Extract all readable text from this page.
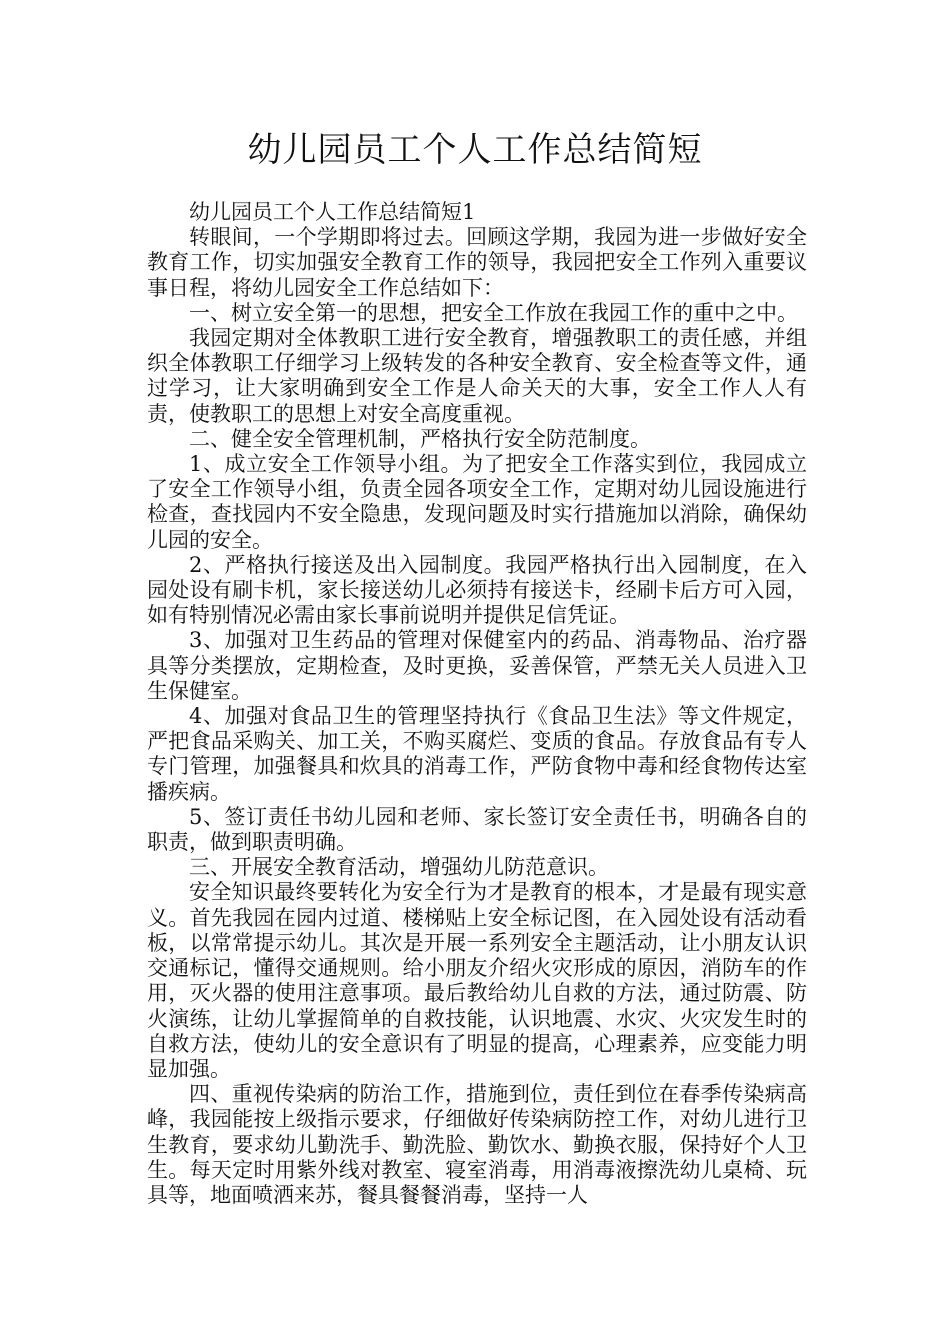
幼儿园员工个人工作总结简短

幼儿园员工个人工作总结简短1

转眼间，一个学期即将过去。回顾这学期，我园为进一步做好安全教育工作，切实加强安全教育工作的领导，我园把安全工作列入重要议事日程，将幼儿园安全工作总结如下：

一、树立安全第一的思想，把安全工作放在我园工作的重中之中。

我园定期对全体教职工进行安全教育，增强教职工的责任感，并组织全体教职工仔细学习上级转发的各种安全教育、安全检查等文件，通过学习，让大家明确到安全工作是人命关天的大事，安全工作人人有责，使教职工的思想上对安全高度重视。

二、健全安全管理机制，严格执行安全防范制度。

1、成立安全工作领导小组。为了把安全工作落实到位，我园成立了安全工作领导小组，负责全园各项安全工作，定期对幼儿园设施进行检查，查找园内不安全隐患，发现问题及时实行措施加以消除，确保幼儿园的安全。

2、严格执行接送及出入园制度。我园严格执行出入园制度，在入园处设有刷卡机，家长接送幼儿必须持有接送卡，经刷卡后方可入园，如有特别情况必需由家长事前说明并提供足信凭证。

3、加强对卫生药品的管理对保健室内的药品、消毒物品、治疗器具等分类摆放，定期检查，及时更换，妥善保管，严禁无关人员进入卫生保健室。

4、加强对食品卫生的管理坚持执行《食品卫生法》等文件规定，严把食品采购关、加工关，不购买腐烂、变质的食品。存放食品有专人专门管理，加强餐具和炊具的消毒工作，严防食物中毒和经食物传达室播疾病。

5、签订责任书幼儿园和老师、家长签订安全责任书，明确各自的职责，做到职责明确。

三、开展安全教育活动，增强幼儿防范意识。

安全知识最终要转化为安全行为才是教育的根本，才是最有现实意义。首先我园在园内过道、楼梯贴上安全标记图，在入园处设有活动看板，以常常提示幼儿。其次是开展一系列安全主题活动，让小朋友认识交通标记，懂得交通规则。给小朋友介绍火灾形成的原因，消防车的作用，灭火器的使用注意事项。最后教给幼儿自救的方法，通过防震、防火演练，让幼儿掌握简单的自救技能，认识地震、水灾、火灾发生时的自救方法，使幼儿的安全意识有了明显的提高，心理素养，应变能力明显加强。

四、重视传染病的防治工作，措施到位，责任到位在春季传染病高峰，我园能按上级指示要求，仔细做好传染病防控工作，对幼儿进行卫生教育，要求幼儿勤洗手、勤洗脸、勤饮水、勤换衣服，保持好个人卫生。每天定时用紫外线对教室、寝室消毒，用消毒液擦洗幼儿桌椅、玩具等，地面喷洒来苏，餐具餐餐消毒，坚持一人
